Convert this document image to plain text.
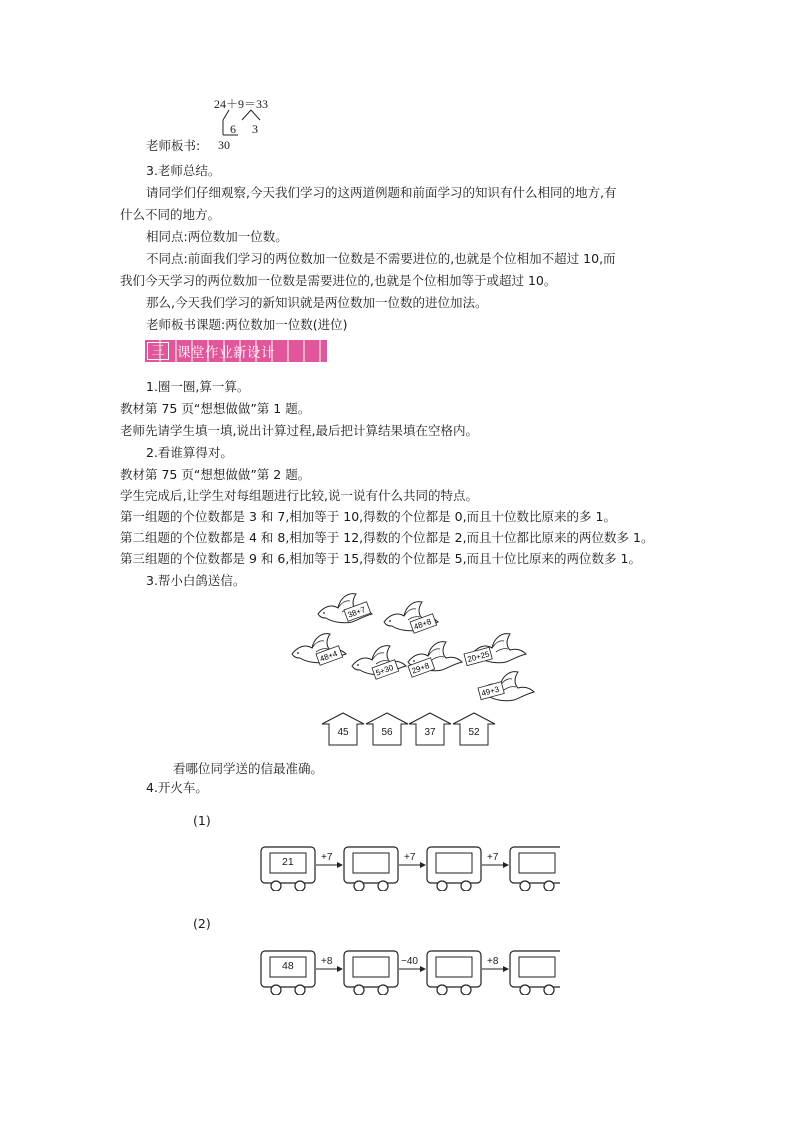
24＋9＝33
6 3
30
老师板书:
3.老师总结。
请同学们仔细观察,今天我们学习的这两道例题和前面学习的知识有什么相同的地方,有
什么不同的地方。
相同点:两位数加一位数。
不同点:前面我们学习的两位数加一位数是不需要进位的,也就是个位相加不超过 10,而
我们今天学习的两位数加一位数是需要进位的,也就是个位相加等于或超过 10。
那么,今天我们学习的新知识就是两位数加一位数的进位加法。
老师板书课题:两位数加一位数(进位)
三 课堂作业新设计
1.圈一圈,算一算。
教材第 75 页“想想做做”第 1 题。
老师先请学生填一填,说出计算过程,最后把计算结果填在空格内。
2.看谁算得对。
教材第 75 页“想想做做”第 2 题。
学生完成后,让学生对每组题进行比较,说一说有什么共同的特点。
第一组题的个位数都是 3 和 7,相加等于 10,得数的个位都是 0,而且十位数比原来的多 1。
第二组题的个位数都是 4 和 8,相加等于 12,得数的个位都是 2,而且十位都比原来的两位数多 1。
第三组题的个位数都是 9 和 6,相加等于 15,得数的个位都是 5,而且十位比原来的两位数多 1。
3.帮小白鸽送信。
38+7
48+8
48+4
5+30 29+8
20+25
49+3
45	56	37	52
看哪位同学送的信最准确。
4.开火车。
(1)
21	+7	+7	+7
(2)
48	+8	−40	+8
